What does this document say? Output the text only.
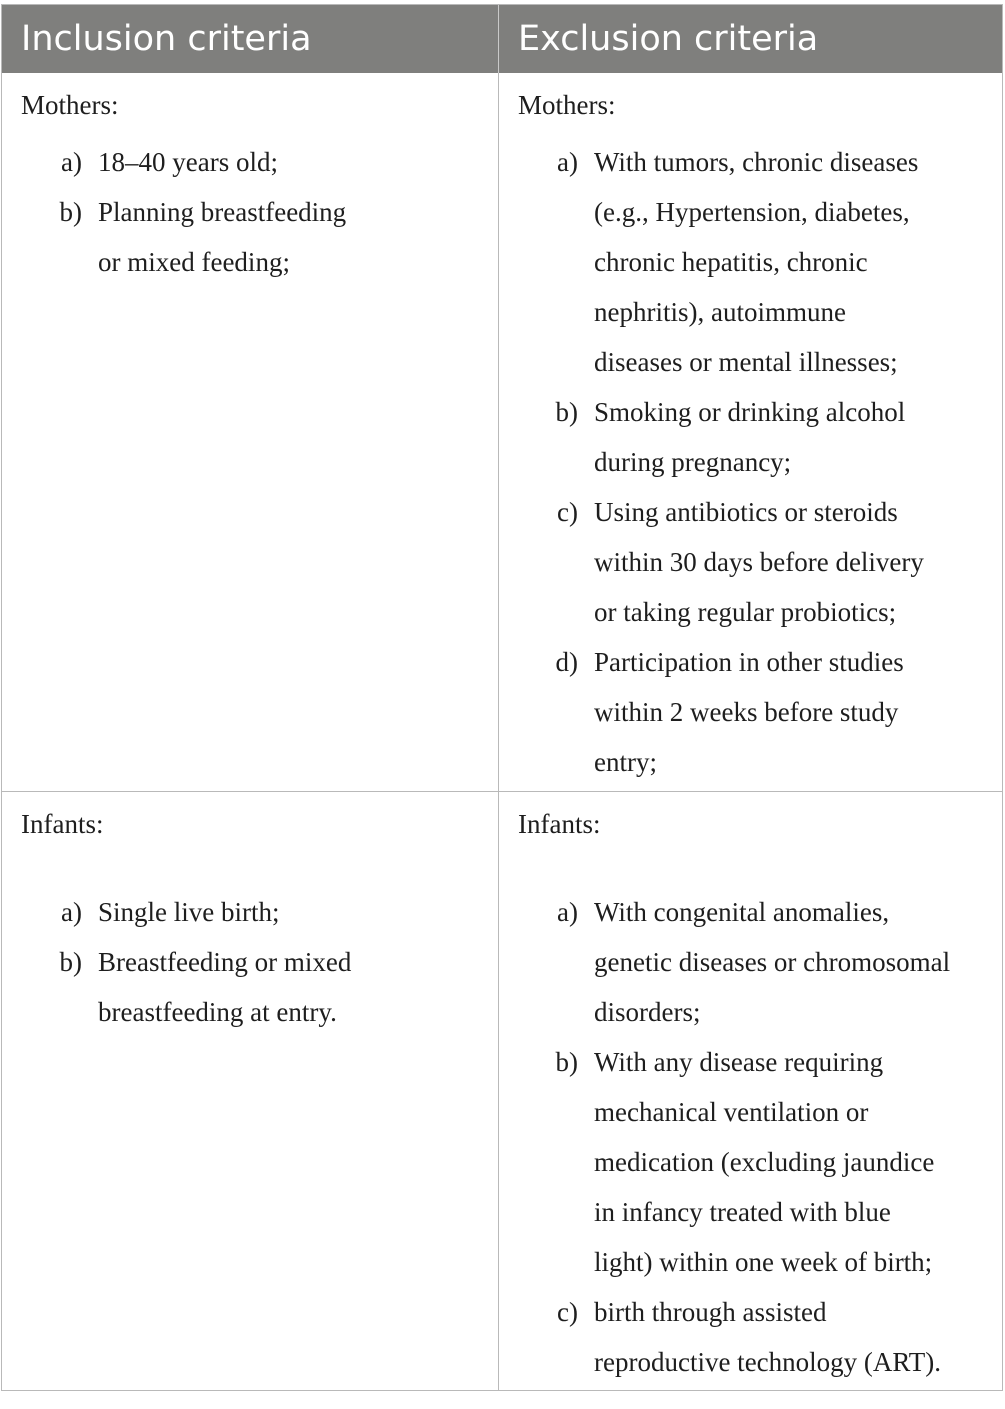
Inclusion criteria	Exclusion criteria
Mothers:
a) 18–40 years old;
b) Planning breastfeeding or mixed feeding;
Mothers:
a) With tumors, chronic diseases (e.g., Hypertension, diabetes, chronic hepatitis, chronic nephritis), autoimmune diseases or mental illnesses;
b) Smoking or drinking alcohol during pregnancy;
c) Using antibiotics or steroids within 30 days before delivery or taking regular probiotics;
d) Participation in other studies within 2 weeks before study entry;
Infants:
a) Single live birth;
b) Breastfeeding or mixed breastfeeding at entry.
Infants:
a) With congenital anomalies, genetic diseases or chromosomal disorders;
b) With any disease requiring mechanical ventilation or medication (excluding jaundice in infancy treated with blue light) within one week of birth;
c) birth through assisted reproductive technology (ART).
